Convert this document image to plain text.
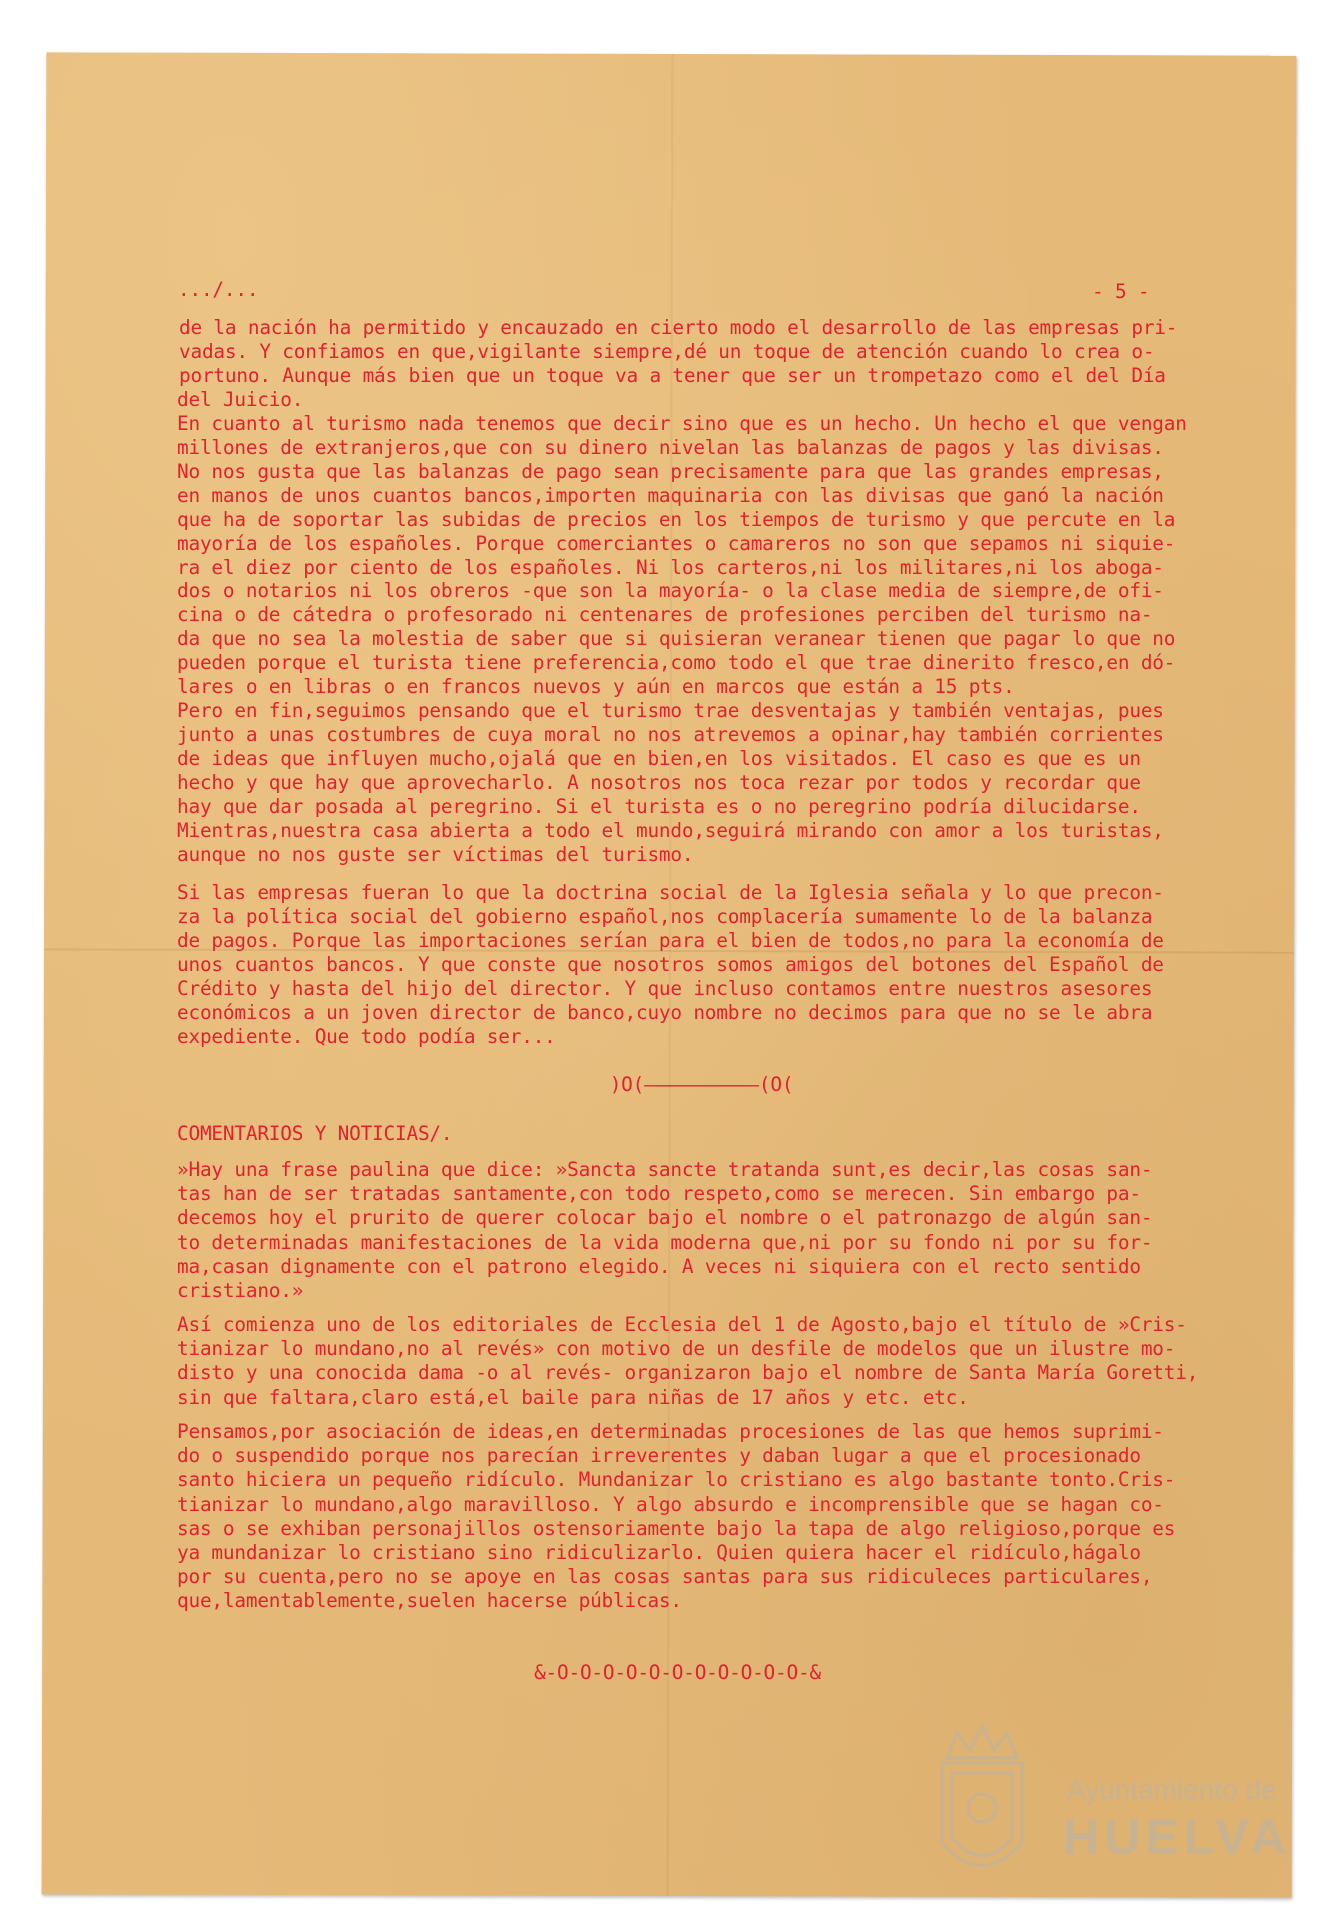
.../...	- 5 -
de la nación ha permitido y encauzado en cierto modo el desarrollo de las empresas pri-
vadas. Y confiamos en que,vigilante siempre,dé un toque de atención cuando lo crea o-
portuno. Aunque más bien que un toque va a tener que ser un trompetazo como el del Día
del Juicio.
En cuanto al turismo nada tenemos que decir sino que es un hecho. Un hecho el que vengan
millones de extranjeros,que con su dinero nivelan las balanzas de pagos y las divisas.
No nos gusta que las balanzas de pago sean precisamente para que las grandes empresas,
en manos de unos cuantos bancos,importen maquinaria con las divisas que ganó la nación
que ha de soportar las subidas de precios en los tiempos de turismo y que percute en la
mayoría de los españoles. Porque comerciantes o camareros no son que sepamos ni siquie-
ra el diez por ciento de los españoles. Ni los carteros,ni los militares,ni los aboga-
dos o notarios ni los obreros -que son la mayoría- o la clase media de siempre,de ofi-
cina o de cátedra o profesorado ni centenares de profesiones perciben del turismo na-
da que no sea la molestia de saber que si quisieran veranear tienen que pagar lo que no
pueden porque el turista tiene preferencia,como todo el que trae dinerito fresco,en dó-
lares o en libras o en francos nuevos y aún en marcos que están a 15 pts.
Pero en fin,seguimos pensando que el turismo trae desventajas y también ventajas, pues
junto a unas costumbres de cuya moral no nos atrevemos a opinar,hay también corrientes
de ideas que influyen mucho,ojalá que en bien,en los visitados. El caso es que es un
hecho y que hay que aprovecharlo. A nosotros nos toca rezar por todos y recordar que
hay que dar posada al peregrino. Si el turista es o no peregrino podría dilucidarse.
Mientras,nuestra casa abierta a todo el mundo,seguirá mirando con amor a los turistas,
aunque no nos guste ser víctimas del turismo.
Si las empresas fueran lo que la doctrina social de la Iglesia señala y lo que precon-
za la política social del gobierno español,nos complacería sumamente lo de la balanza
de pagos. Porque las importaciones serían para el bien de todos,no para la economía de
unos cuantos bancos. Y que conste que nosotros somos amigos del botones del Español de
Crédito y hasta del hijo del director. Y que incluso contamos entre nuestros asesores
económicos a un joven director de banco,cuyo nombre no decimos para que no se le abra
expediente. Que todo podía ser...
)O(——————————(O(
COMENTARIOS Y NOTICIAS/.
»Hay una frase paulina que dice: »Sancta sancte tratanda sunt,es decir,las cosas san-
tas han de ser tratadas santamente,con todo respeto,como se merecen. Sin embargo pa-
decemos hoy el prurito de querer colocar bajo el nombre o el patronazgo de algún san-
to determinadas manifestaciones de la vida moderna que,ni por su fondo ni por su for-
ma,casan dignamente con el patrono elegido. A veces ni siquiera con el recto sentido
cristiano.»
Así comienza uno de los editoriales de Ecclesia del 1 de Agosto,bajo el título de »Cris-
tianizar lo mundano,no al revés» con motivo de un desfile de modelos que un ilustre mo-
disto y una conocida dama -o al revés- organizaron bajo el nombre de Santa María Goretti,
sin que faltara,claro está,el baile para niñas de 17 años y etc. etc.
Pensamos,por asociación de ideas,en determinadas procesiones de las que hemos suprimi-
do o suspendido porque nos parecían irreverentes y daban lugar a que el procesionado
santo hiciera un pequeño ridículo. Mundanizar lo cristiano es algo bastante tonto.Cris-
tianizar lo mundano,algo maravilloso. Y algo absurdo e incomprensible que se hagan co-
sas o se exhiban personajillos ostensoriamente bajo la tapa de algo religioso,porque es
ya mundanizar lo cristiano sino ridiculizarlo. Quien quiera hacer el ridículo,hágalo
por su cuenta,pero no se apoye en las cosas santas para sus ridiculeces particulares,
que,lamentablemente,suelen hacerse públicas.
&-O-O-O-O-O-O-O-O-O-O-O-&
Ayuntamiento de
HUELVA
